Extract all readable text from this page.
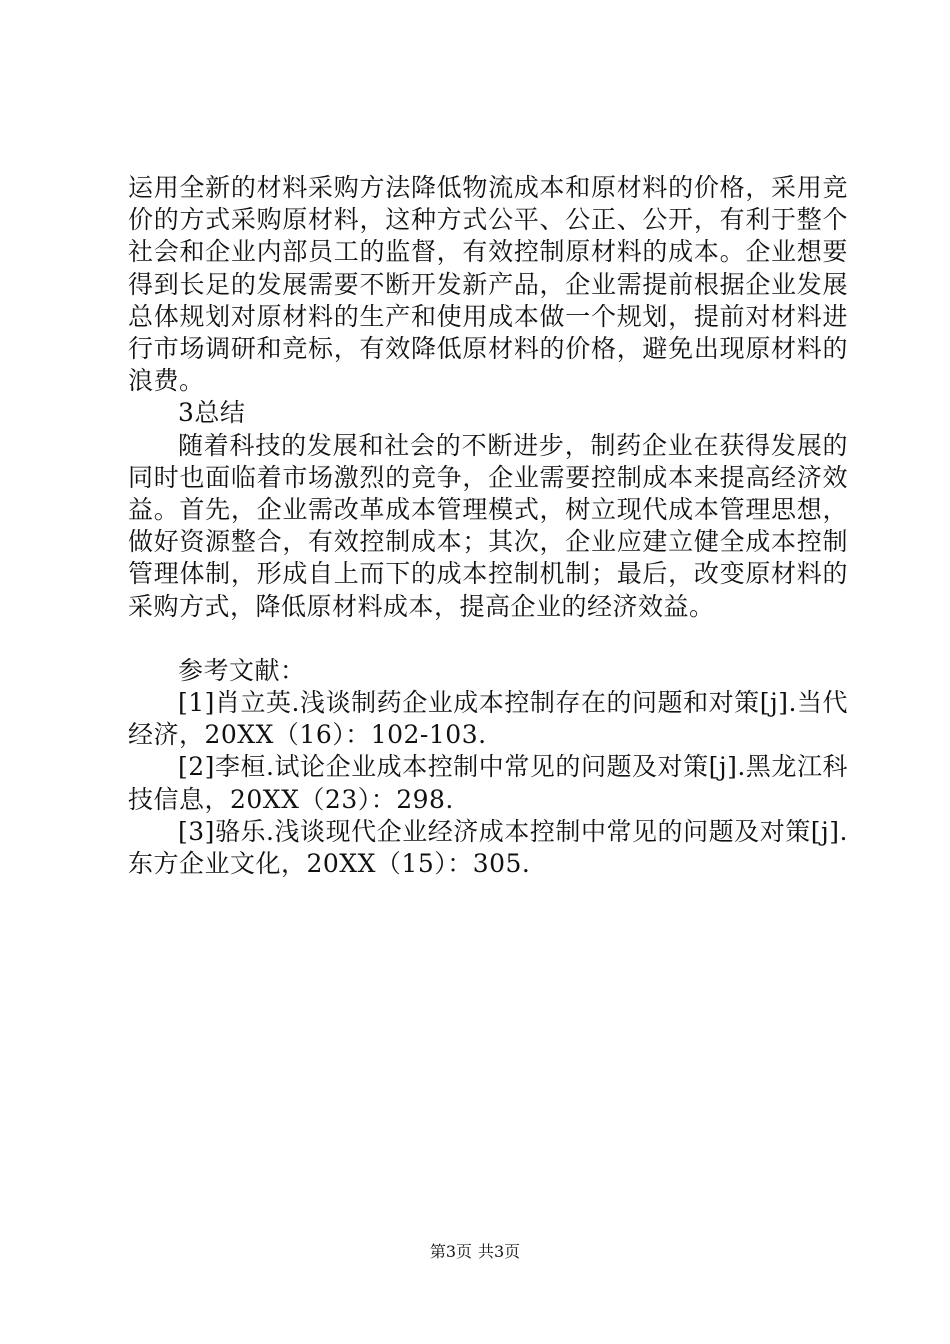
运用全新的材料采购方法降低物流成本和原材料的价格，采用竞价的方式采购原材料，这种方式公平、公正、公开，有利于整个社会和企业内部员工的监督，有效控制原材料的成本。企业想要得到长足的发展需要不断开发新产品，企业需提前根据企业发展总体规划对原材料的生产和使用成本做一个规划，提前对材料进行市场调研和竞标，有效降低原材料的价格，避免出现原材料的浪费。

3总结

随着科技的发展和社会的不断进步，制药企业在获得发展的同时也面临着市场激烈的竞争，企业需要控制成本来提高经济效益。首先，企业需改革成本管理模式，树立现代成本管理思想，做好资源整合，有效控制成本；其次，企业应建立健全成本控制管理体制，形成自上而下的成本控制机制；最后，改变原材料的采购方式，降低原材料成本，提高企业的经济效益。

参考文献：

[1]肖立英.浅谈制药企业成本控制存在的问题和对策[j].当代经济，20XX（16）：102-103.

[2]李桓.试论企业成本控制中常见的问题及对策[j].黑龙江科技信息，20XX（23）：298.

[3]骆乐.浅谈现代企业经济成本控制中常见的问题及对策[j].东方企业文化，20XX（15）：305.

第3页 共3页
